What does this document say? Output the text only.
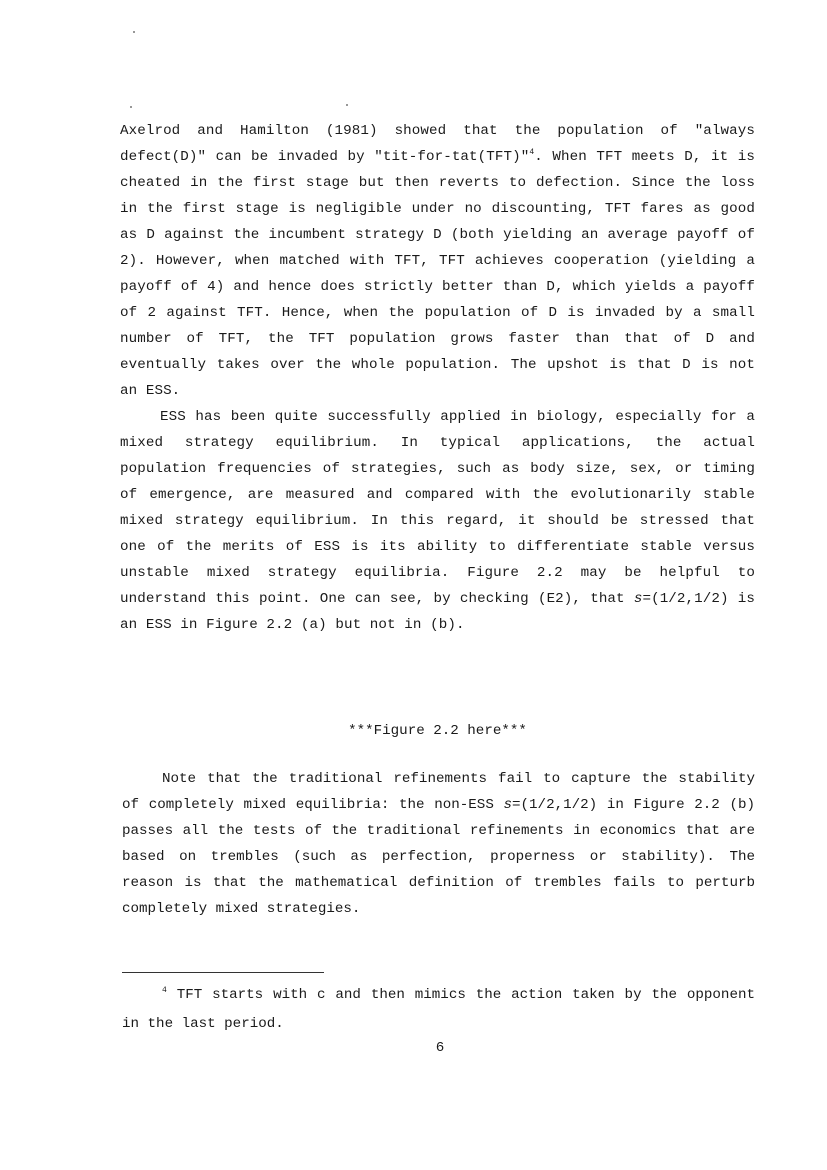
Axelrod and Hamilton (1981) showed that the population of "always defect(D)" can be invaded by "tit-for-tat(TFT)"$^4$. When TFT meets D, it is cheated in the first stage but then reverts to defection. Since the loss in the first stage is negligible under no discounting, TFT fares as good as D against the incumbent strategy D (both yielding an average payoff of 2). However, when matched with TFT, TFT achieves cooperation (yielding a payoff of 4) and hence does strictly better than D, which yields a payoff of 2 against TFT. Hence, when the population of D is invaded by a small number of TFT, the TFT population grows faster than that of D and eventually takes over the whole population. The upshot is that D is not an ESS.

ESS has been quite successfully applied in biology, especially for a mixed strategy equilibrium. In typical applications, the actual population frequencies of strategies, such as body size, sex, or timing of emergence, are measured and compared with the evolutionarily stable mixed strategy equilibrium. In this regard, it should be stressed that one of the merits of ESS is its ability to differentiate stable versus unstable mixed strategy equilibria. Figure 2.2 may be helpful to understand this point. One can see, by checking (E2), that s=(1/2,1/2) is an ESS in Figure 2.2 (a) but not in (b).

***Figure 2.2 here***

Note that the traditional refinements fail to capture the stability of completely mixed equilibria: the non-ESS s=(1/2,1/2) in Figure 2.2 (b) passes all the tests of the traditional refinements in economics that are based on trembles (such as perfection, properness or stability). The reason is that the mathematical definition of trembles fails to perturb completely mixed strategies.

$^4$ TFT starts with c and then mimics the action taken by the opponent in the last period.
6
